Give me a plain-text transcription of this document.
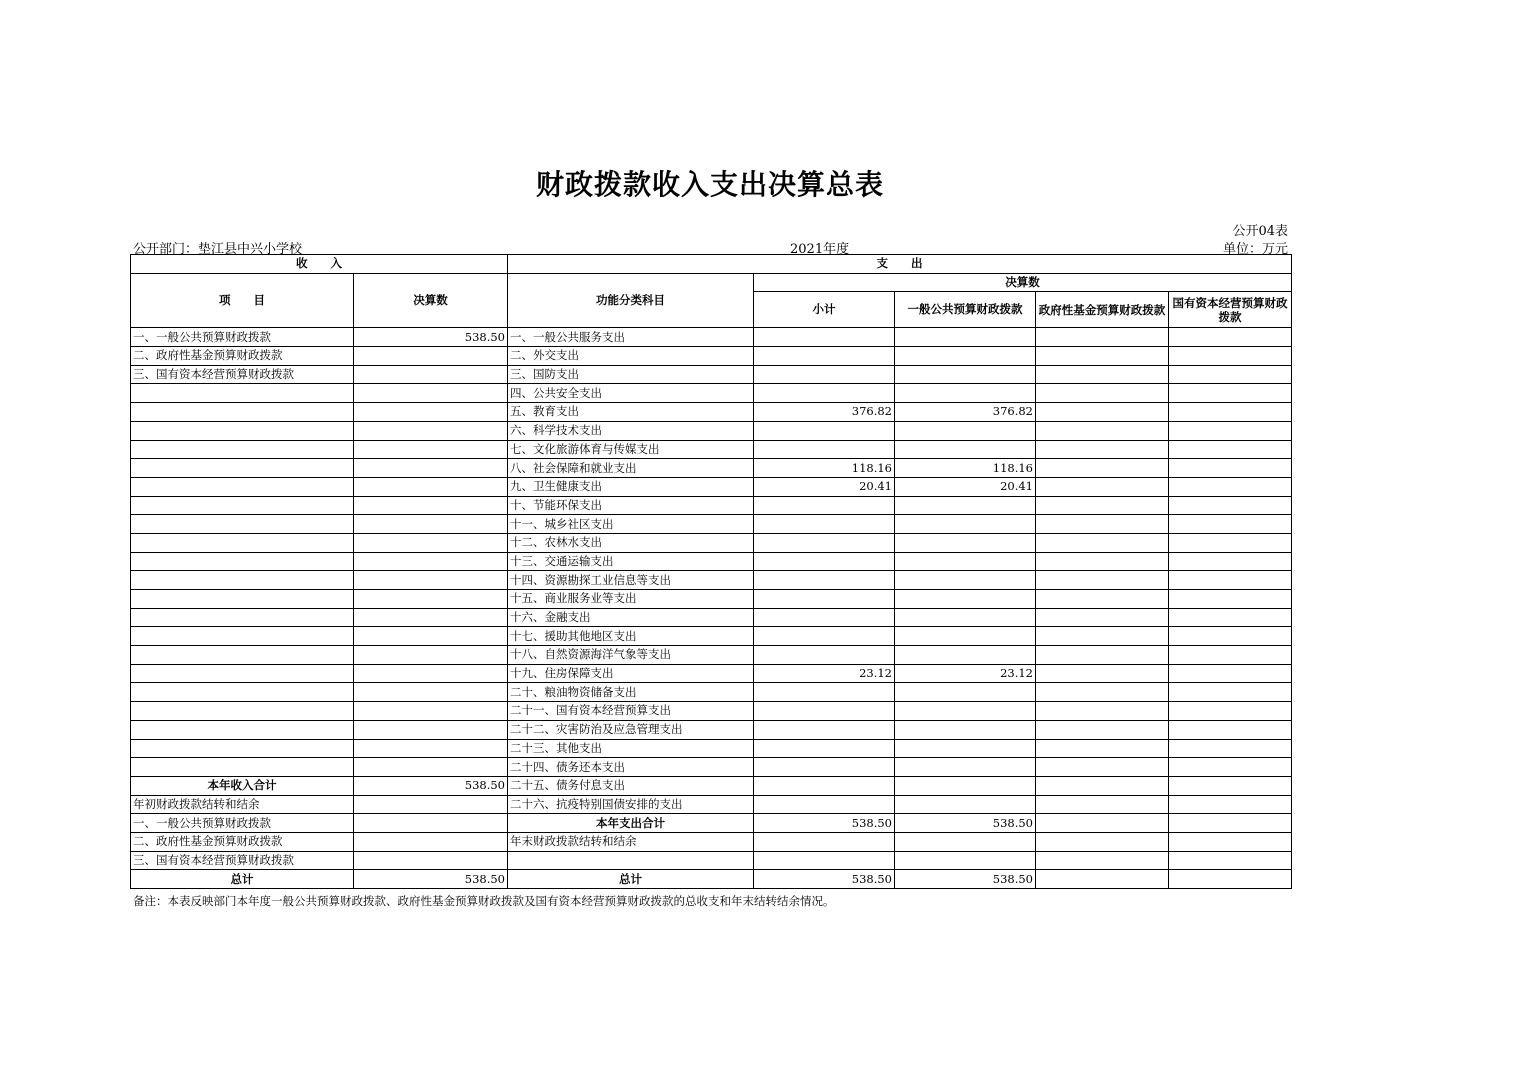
财政拨款收入支出决算总表
公开04表
公开部门：垫江县中兴小学校	2021年度	单位：万元
收　　入		支　　出				
项　　目	决算数	功能分类科目	决算数			
			小计	一般公共预算财政拨款	政府性基金预算财政拨款	国有资本经营预算财政拨款
一、一般公共预算财政拨款	538.50	一、一般公共服务支出				
二、政府性基金预算财政拨款		二、外交支出				
三、国有资本经营预算财政拨款		三、国防支出				
		四、公共安全支出				
		五、教育支出	376.82	376.82		
		六、科学技术支出				
		七、文化旅游体育与传媒支出				
		八、社会保障和就业支出	118.16	118.16		
		九、卫生健康支出	20.41	20.41		
		十、节能环保支出				
		十一、城乡社区支出				
		十二、农林水支出				
		十三、交通运输支出				
		十四、资源勘探工业信息等支出				
		十五、商业服务业等支出				
		十六、金融支出				
		十七、援助其他地区支出				
		十八、自然资源海洋气象等支出				
		十九、住房保障支出	23.12	23.12		
		二十、粮油物资储备支出				
		二十一、国有资本经营预算支出				
		二十二、灾害防治及应急管理支出				
		二十三、其他支出				
		二十四、债务还本支出				
本年收入合计	538.50	二十五、债务付息支出				
年初财政拨款结转和结余		二十六、抗疫特别国债安排的支出				
一、一般公共预算财政拨款		本年支出合计	538.50	538.50		
二、政府性基金预算财政拨款		年末财政拨款结转和结余				
三、国有资本经营预算财政拨款						
总计	538.50	总计	538.50	538.50		
备注：本表反映部门本年度一般公共预算财政拨款、政府性基金预算财政拨款及国有资本经营预算财政拨款的总收支和年末结转结余情况。
